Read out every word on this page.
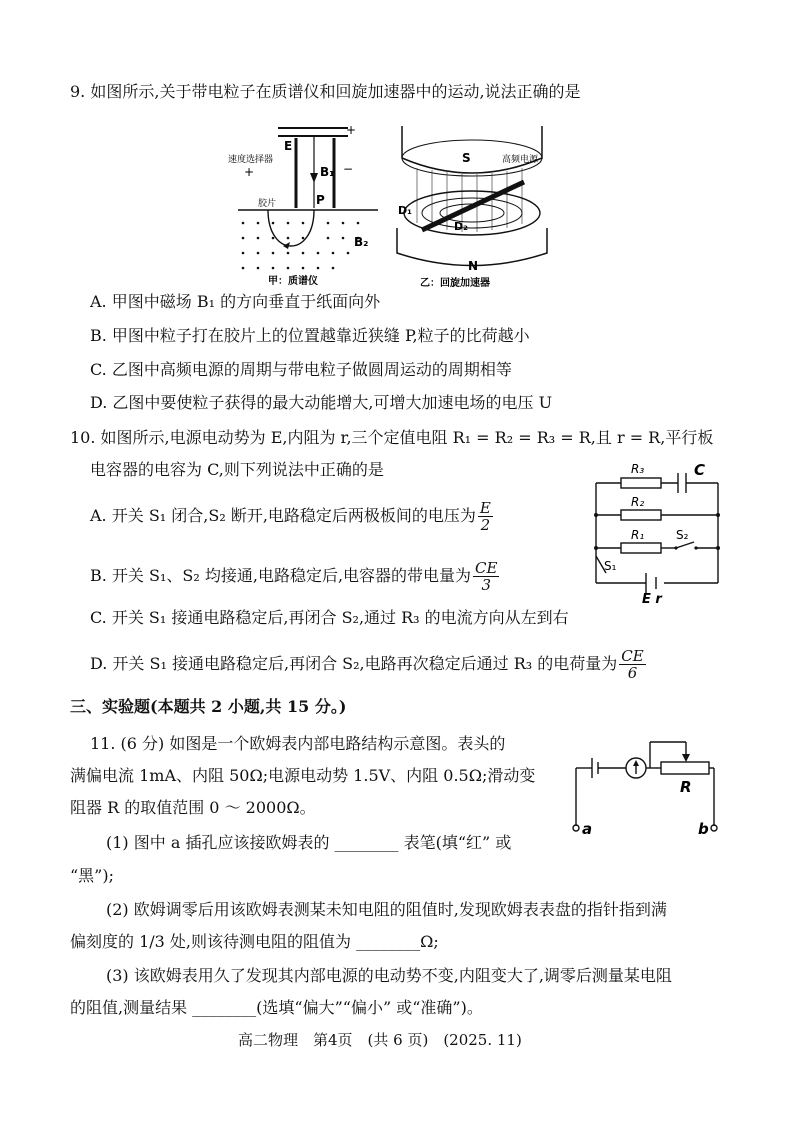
9. 如图所示,关于带电粒子在质谱仪和回旋加速器中的运动,说法正确的是
E
B₁
P
B₂
+
−
+
速度选择器
胶片
甲：质谱仪
S
N
高频电源
D₁
D₂
乙：回旋加速器
A. 甲图中磁场 B₁ 的方向垂直于纸面向外
B. 甲图中粒子打在胶片上的位置越靠近狭缝 P,粒子的比荷越小
C. 乙图中高频电源的周期与带电粒子做圆周运动的周期相等
D. 乙图中要使粒子获得的最大动能增大,可增大加速电场的电压 U
10. 如图所示,电源电动势为 E,内阻为 r,三个定值电阻 R₁ = R₂ = R₃ = R,且 r = R,平行板
电容器的电容为 C,则下列说法中正确的是	R₃	C
R₂
R₁	S₂
S₁
E r
A. 开关 S₁ 闭合,S₂ 断开,电路稳定后两极板间的电压为 $\frac{E}{2}$
B. 开关 S₁、S₂ 均接通,电路稳定后,电容器的带电量为 $\frac{CE}{3}$
C. 开关 S₁ 接通电路稳定后,再闭合 S₂,通过 R₃ 的电流方向从左到右
D. 开关 S₁ 接通电路稳定后,再闭合 S₂,电路再次稳定后通过 R₃ 的电荷量为 $\frac{CE}{6}$
三、实验题(本题共 2 小题,共 15 分。)
11. (6 分) 如图是一个欧姆表内部电路结构示意图。表头的
满偏电流 1mA、内阻 50Ω;电源电动势 1.5V、内阻 0.5Ω;滑动变
阻器 R 的取值范围 0 ～ 2000Ω。
R
a	b
(1) 图中 a 插孔应该接欧姆表的 ________ 表笔(填“红” 或
“黑”);
(2) 欧姆调零后用该欧姆表测某未知电阻的阻值时,发现欧姆表表盘的指针指到满
偏刻度的 1/3 处,则该待测电阻的阻值为 ________Ω;
(3) 该欧姆表用久了发现其内部电源的电动势不变,内阻变大了,调零后测量某电阻
的阻值,测量结果 ________(选填“偏大”“偏小” 或“准确”)。
高二物理　第4页　(共 6 页)　(2025. 11)
